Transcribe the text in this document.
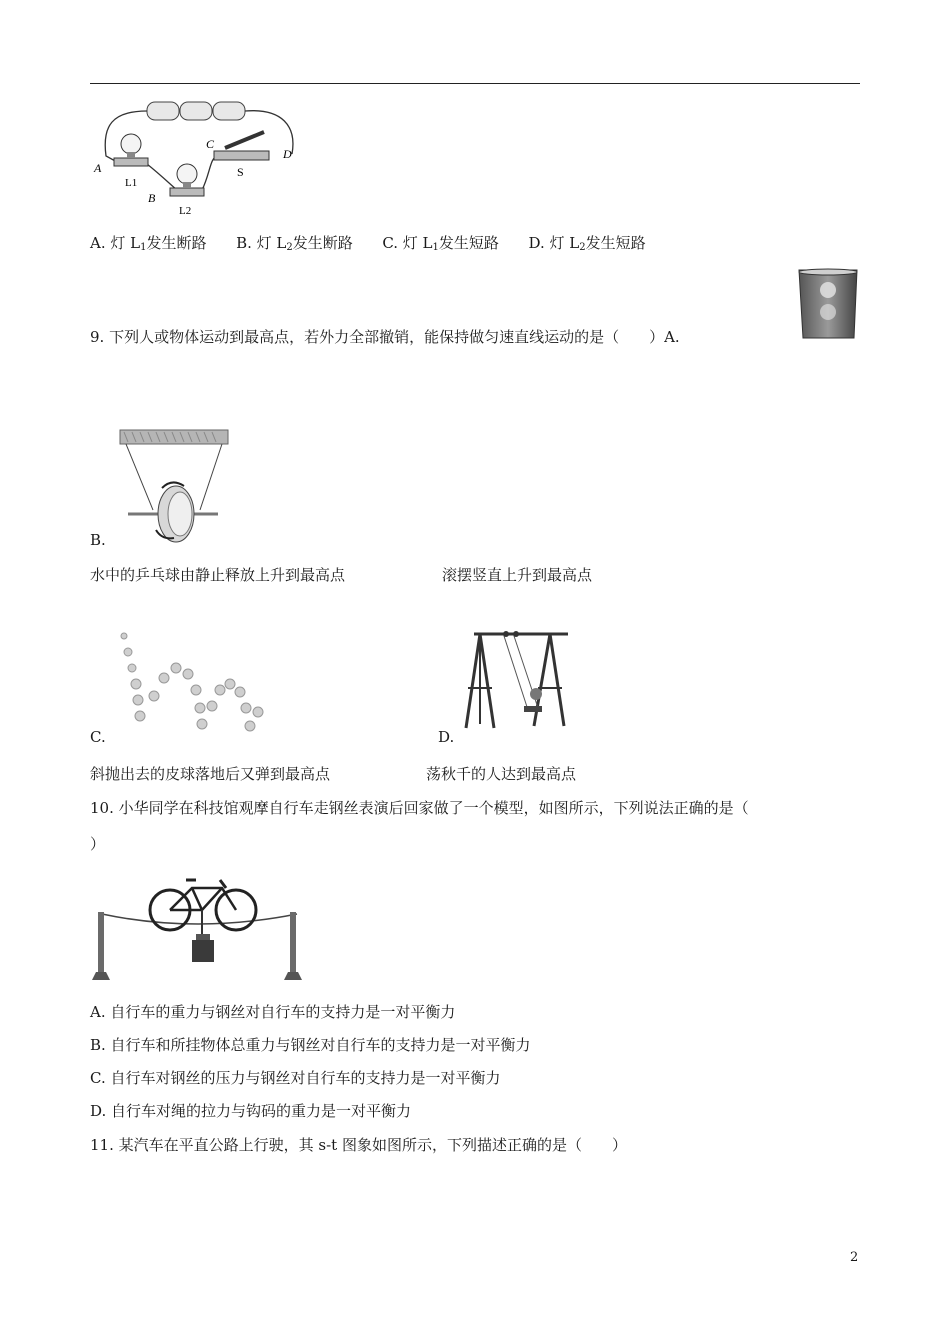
A
B
C
D
S
L1
L2
A. 灯 $L_1$发生断路 B. 灯 $L_2$发生断路 C. 灯 $L_1$发生短路 D. 灯 $L_2$发生短路
9. 下列人或物体运动到最高点，若外力全部撤销，能保持做匀速直线运动的是（　　）A.
B.
水中的乒乓球由静止释放上升到最高点	滚摆竖直上升到最高点
C.	D.
斜抛出去的皮球落地后又弹到最高点	荡秋千的人达到最高点
10. 小华同学在科技馆观摩自行车走钢丝表演后回家做了一个模型，如图所示，下列说法正确的是（
）
A. 自行车的重力与钢丝对自行车的支持力是一对平衡力
B. 自行车和所挂物体总重力与钢丝对自行车的支持力是一对平衡力
C. 自行车对钢丝的压力与钢丝对自行车的支持力是一对平衡力
D. 自行车对绳的拉力与钩码的重力是一对平衡力
11. 某汽车在平直公路上行驶，其 s-t 图象如图所示，下列描述正确的是（　　）
2
